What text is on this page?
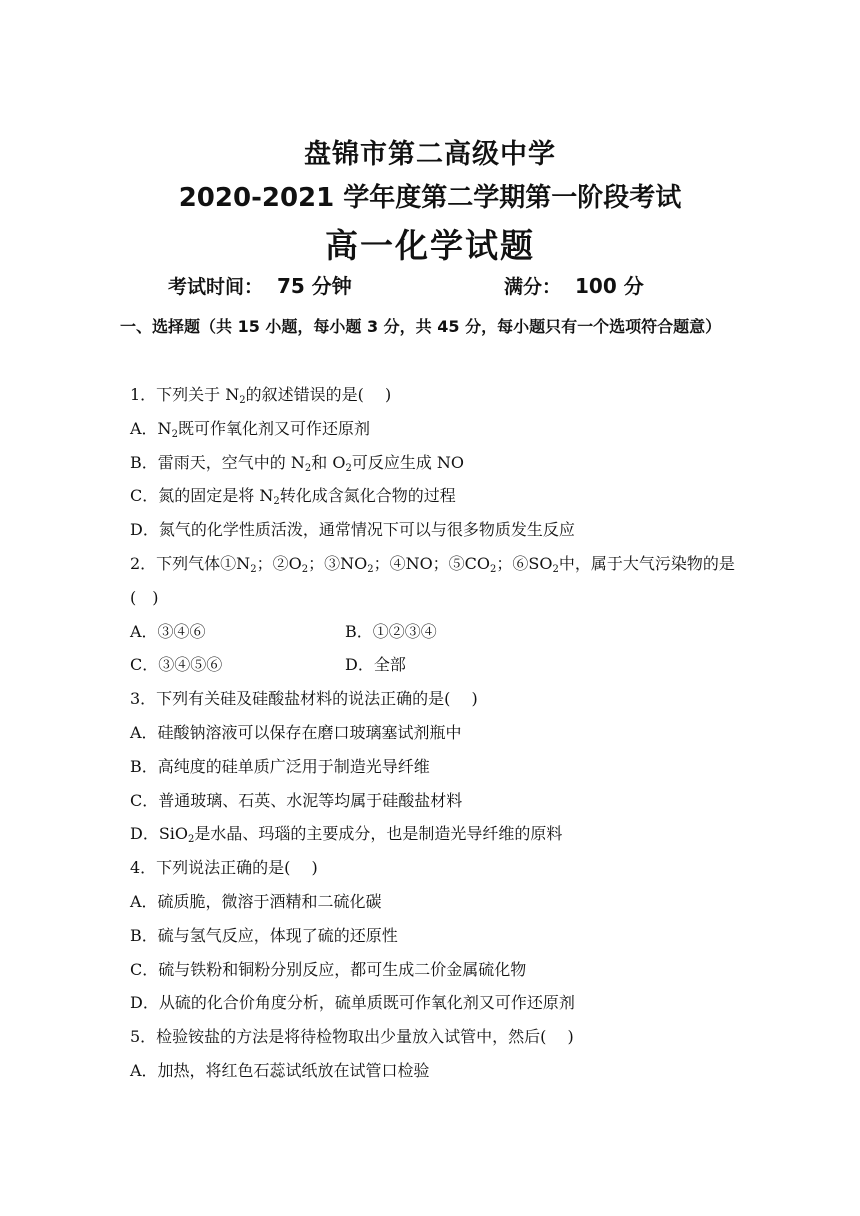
盘锦市第二高级中学
2020-2021 学年度第二学期第一阶段考试
高一化学试题
考试时间： 75 分钟	满分： 100 分
一、选择题（共 15 小题，每小题 3 分，共 45 分，每小题只有一个选项符合题意）
1．下列关于 $N_2$的叙述错误的是(　 )
A．$N_2$既可作氧化剂又可作还原剂
B．雷雨天，空气中的 $N_2$和 $O_2$可反应生成 NO
C．氮的固定是将 $N_2$转化成含氮化合物的过程
D．氮气的化学性质活泼，通常情况下可以与很多物质发生反应
2．下列气体$①N_2$；$②O_2$；$③NO_2$；④NO；$⑤CO_2$；$⑥SO_2$中，属于大气污染物的是
(　)
A．③④⑥	B．①②③④
C．③④⑤⑥	D．全部
3．下列有关硅及硅酸盐材料的说法正确的是(　 )
A．硅酸钠溶液可以保存在磨口玻璃塞试剂瓶中
B．高纯度的硅单质广泛用于制造光导纤维
C．普通玻璃、石英、水泥等均属于硅酸盐材料
D．SiO$_2$是水晶、玛瑙的主要成分，也是制造光导纤维的原料
4．下列说法正确的是(　 )
A．硫质脆，微溶于酒精和二硫化碳
B．硫与氢气反应，体现了硫的还原性
C．硫与铁粉和铜粉分别反应，都可生成二价金属硫化物
D．从硫的化合价角度分析，硫单质既可作氧化剂又可作还原剂
5．检验铵盐的方法是将待检物取出少量放入试管中，然后(　 )
A．加热，将红色石蕊试纸放在试管口检验
